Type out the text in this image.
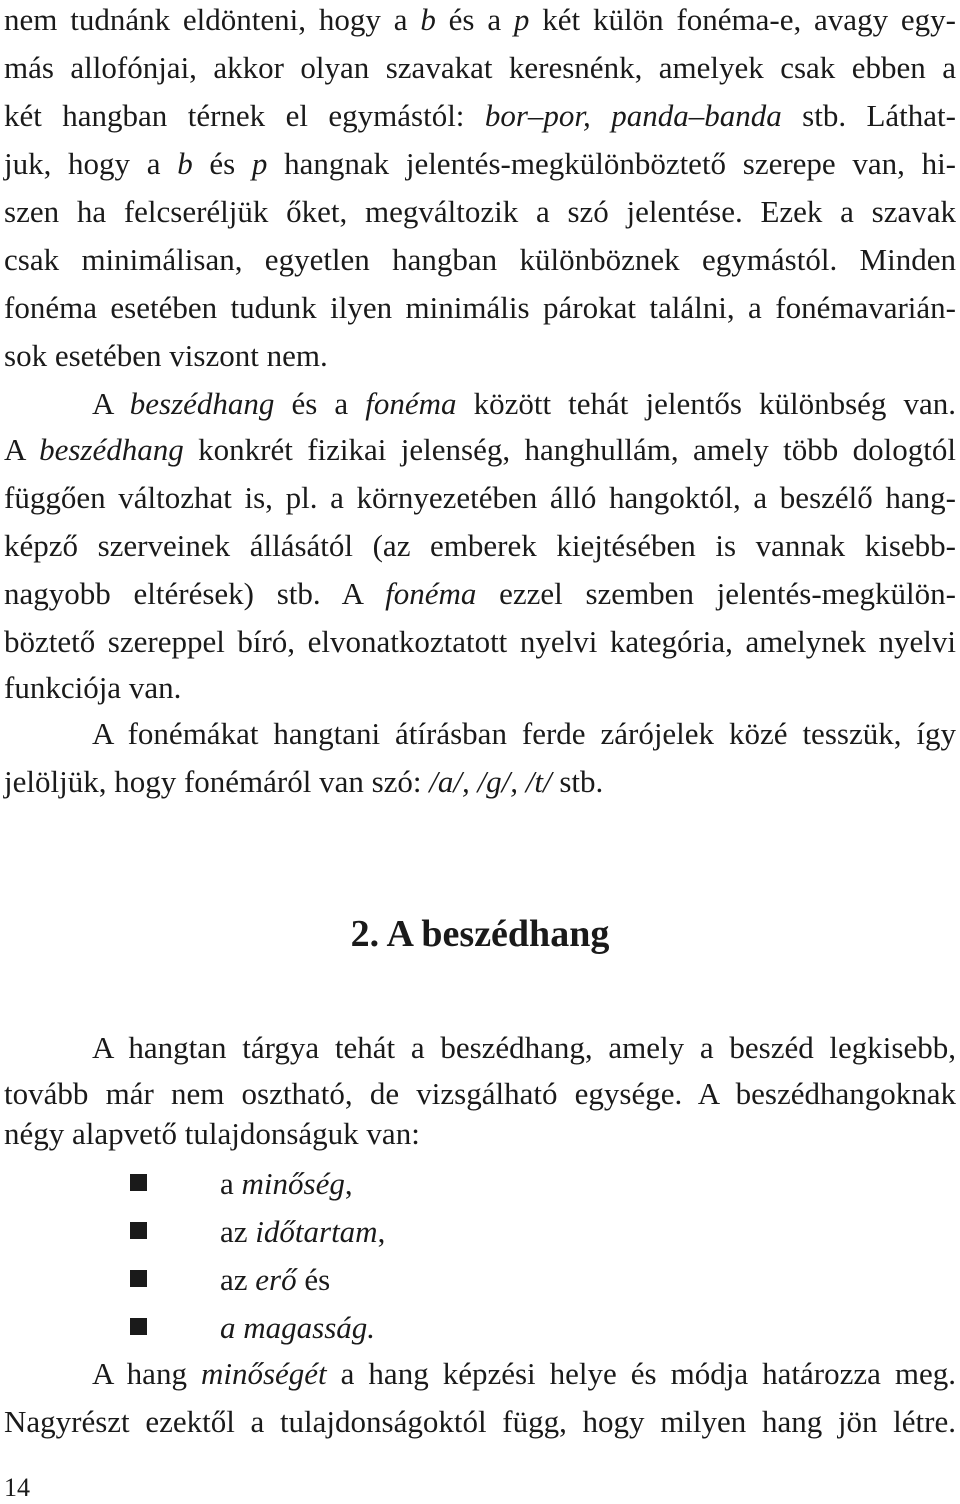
nem tudnánk eldönteni, hogy a b és a p két külön fonéma-e, avagy egy-
más allofónjai, akkor olyan szavakat keresnénk, amelyek csak ebben a
két hangban térnek el egymástól: bor–por, panda–banda stb. Láthat-
juk, hogy a b és p hangnak jelentés-megkülönböztető szerepe van, hi-
szen ha felcseréljük őket, megváltozik a szó jelentése. Ezek a szavak
csak minimálisan, egyetlen hangban különböznek egymástól. Minden
fonéma esetében tudunk ilyen minimális párokat találni, a fonémavarián-
sok esetében viszont nem.
A beszédhang és a fonéma között tehát jelentős különbség van.
A beszédhang konkrét fizikai jelenség, hanghullám, amely több dologtól
függően változhat is, pl. a környezetében álló hangoktól, a beszélő hang-
képző szerveinek állásától (az emberek kiejtésében is vannak kisebb-
nagyobb eltérések) stb. A fonéma ezzel szemben jelentés-megkülön-
böztető szereppel bíró, elvonatkoztatott nyelvi kategória, amelynek nyelvi
funkciója van.
A fonémákat hangtani átírásban ferde zárójelek közé tesszük, így
jelöljük, hogy fonémáról van szó: /a/, /g/, /t/ stb.
2. A beszédhang
A hangtan tárgya tehát a beszédhang, amely a beszéd legkisebb,
tovább már nem osztható, de vizsgálható egysége. A beszédhangoknak
négy alapvető tulajdonságuk van:
a minőség,
az időtartam,
az erő és
a magasság.
A hang minőségét a hang képzési helye és módja határozza meg.
Nagyrészt ezektől a tulajdonságoktól függ, hogy milyen hang jön létre.
14
